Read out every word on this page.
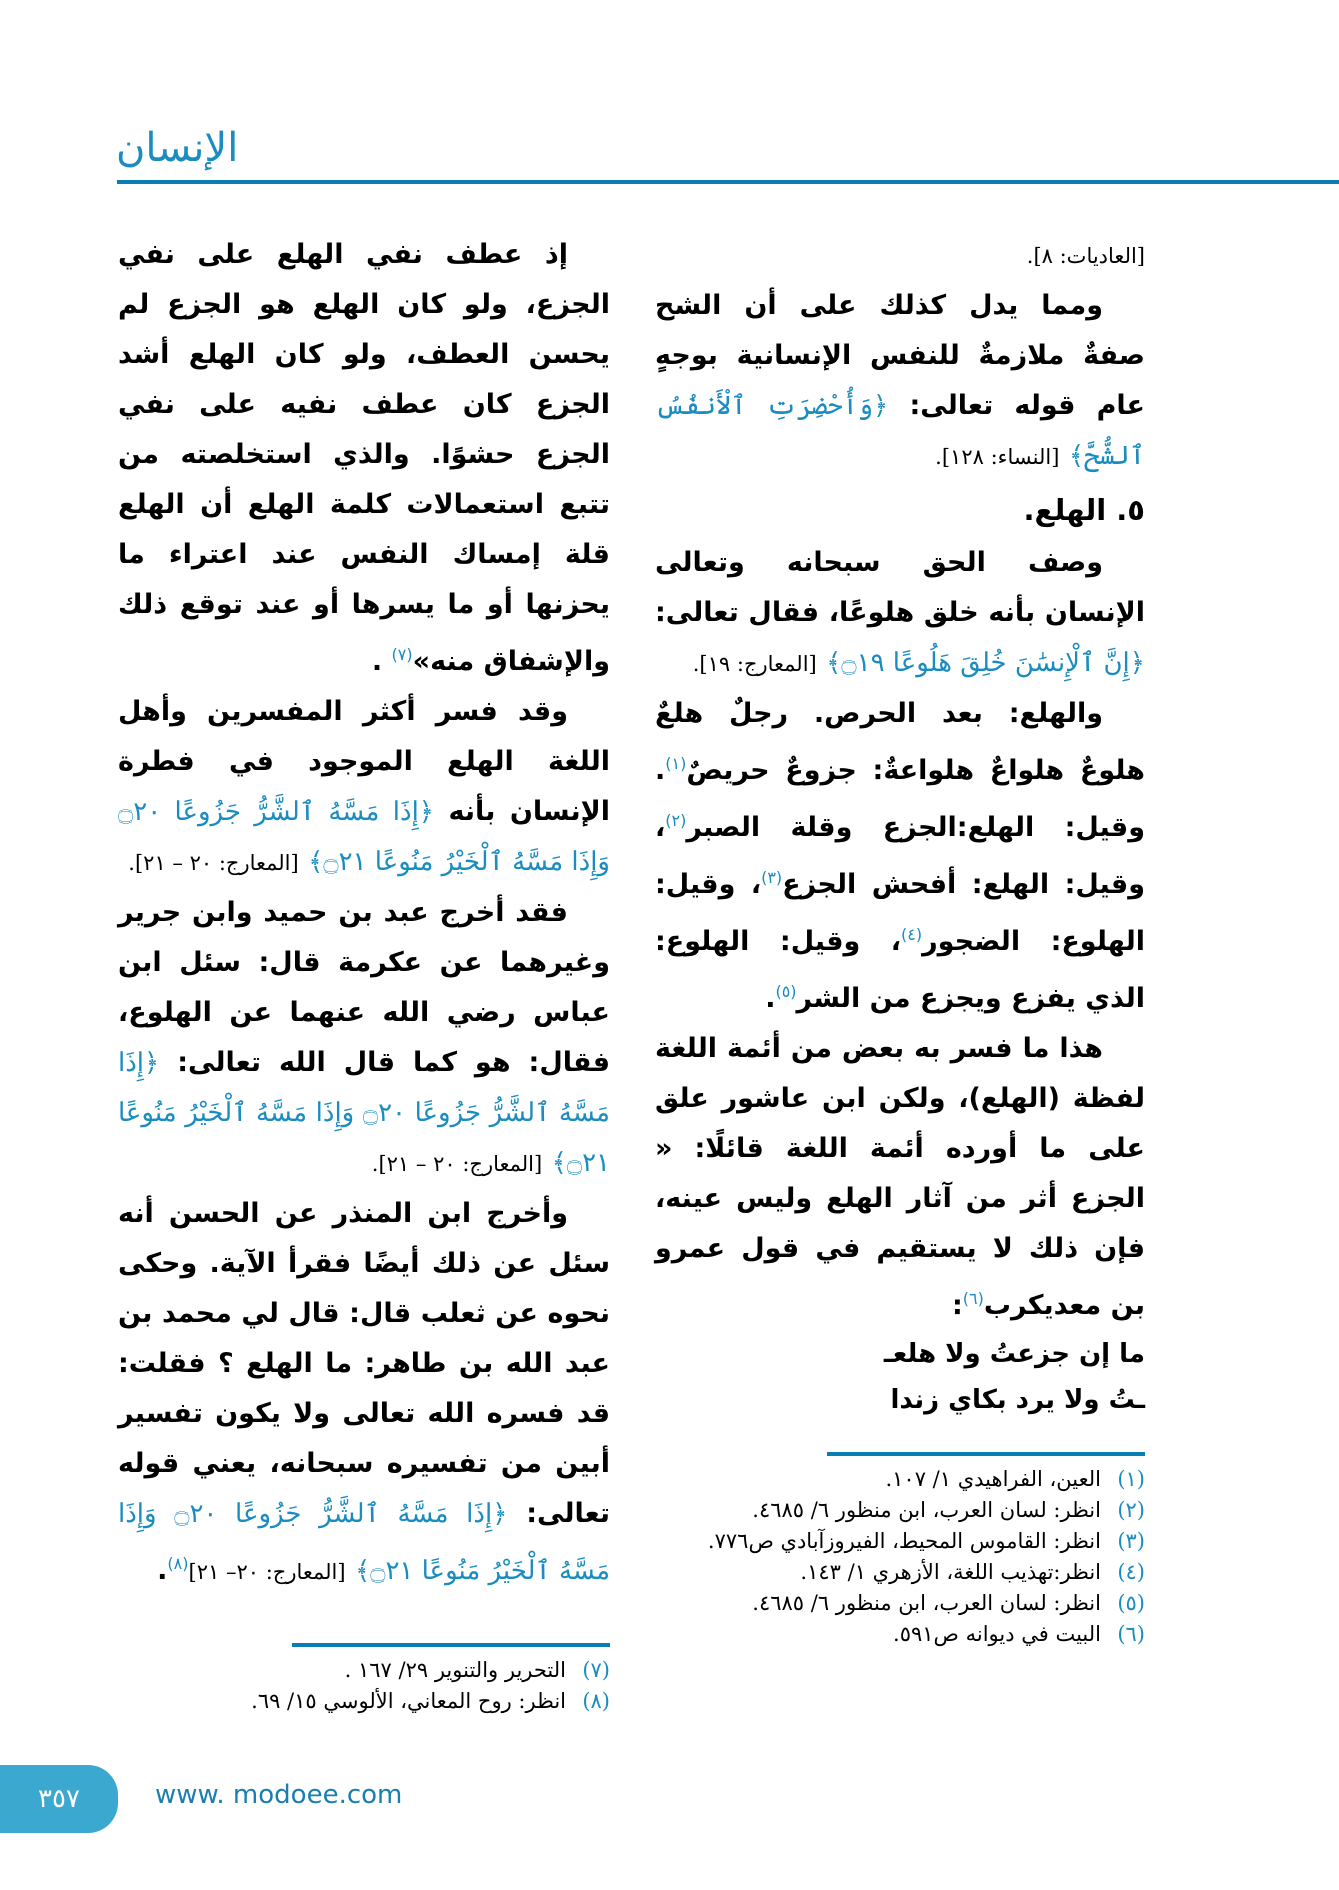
الإنسان

[العاديات: ٨].

ومما يدل كذلك على أن الشح صفةٌ ملازمةٌ للنفس الإنسانية بوجهٍ عام قوله تعالى: ﴿وَأُحْضِرَتِ ٱلْأَنفُسُ ٱلشُّحَّ﴾ [النساء: ١٢٨].

٥. الهلع.

وصف الحق سبحانه وتعالى الإنسان بأنه خلق هلوعًا، فقال تعالى: ﴿إِنَّ ٱلْإِنسَٰنَ خُلِقَ هَلُوعًا ۝١٩﴾ [المعارج: ١٩].

والهلع: بعد الحرص. رجلٌ هلعٌ هلوعٌ هلواعٌ هلواعةٌ: جزوعٌ حريصٌ$^{(١)}$. وقيل: الهلع:الجزع وقلة الصبر$^{(٢)}$، وقيل: الهلع: أفحش الجزع$^{(٣)}$، وقيل: الهلوع: الضجور$^{(٤)}$، وقيل: الهلوع: الذي يفزع ويجزع من الشر$^{(٥)}$.

هذا ما فسر به بعض من أئمة اللغة لفظة (الهلع)، ولكن ابن عاشور علق على ما أورده أئمة اللغة قائلًا: « الجزع أثر من آثار الهلع وليس عينه، فإن ذلك لا يستقيم في قول عمرو بن معديكرب$^{(٦)}$:

ما إن جزعتُ ولا هلعـ

ـتُ ولا يرد بكاي زندا

(١)
العين، الفراهيدي ١/ ١٠٧.
(٢)
انظر: لسان العرب، ابن منظور ٦/ ٤٦٨٥.
(٣)
انظر: القاموس المحيط، الفيروزآبادي ص٧٧٦.
(٤)
انظر:تهذيب اللغة، الأزهري ١/ ١٤٣.
(٥)
انظر: لسان العرب، ابن منظور ٦/ ٤٦٨٥.
(٦)
البيت في ديوانه ص٥٩١.

إذ عطف نفي الهلع على نفي الجزع، ولو كان الهلع هو الجزع لم يحسن العطف، ولو كان الهلع أشد الجزع كان عطف نفيه على نفي الجزع حشوًا. والذي استخلصته من تتبع استعمالات كلمة الهلع أن الهلع قلة إمساك النفس عند اعتراء ما يحزنها أو ما يسرها أو عند توقع ذلك والإشفاق منه»$^{(٧)}$ .

وقد فسر أكثر المفسرين وأهل اللغة الهلع الموجود في فطرة الإنسان بأنه ﴿إِذَا مَسَّهُ ٱلشَّرُّ جَزُوعًا ۝٢٠ وَإِذَا مَسَّهُ ٱلْخَيْرُ مَنُوعًا ۝٢١﴾ [المعارج: ٢٠ – ٢١].

فقد أخرج عبد بن حميد وابن جرير وغيرهما عن عكرمة قال: سئل ابن عباس رضي الله عنهما عن الهلوع، فقال: هو كما قال الله تعالى: ﴿إِذَا مَسَّهُ ٱلشَّرُّ جَزُوعًا ۝٢٠ وَإِذَا مَسَّهُ ٱلْخَيْرُ مَنُوعًا ۝٢١﴾ [المعارج: ٢٠ – ٢١].

وأخرج ابن المنذر عن الحسن أنه سئل عن ذلك أيضًا فقرأ الآية. وحكى نحوه عن ثعلب قال: قال لي محمد بن عبد الله بن طاهر: ما الهلع ؟ فقلت: قد فسره الله تعالى ولا يكون تفسير أبين من تفسيره سبحانه، يعني قوله تعالى: ﴿إِذَا مَسَّهُ ٱلشَّرُّ جَزُوعًا ۝٢٠ وَإِذَا مَسَّهُ ٱلْخَيْرُ مَنُوعًا ۝٢١﴾ [المعارج: ٢٠– ٢١]$^{(٨)}$.

(٧)
التحرير والتنوير ٢٩/ ١٦٧ .
(٨)
انظر: روح المعاني، الألوسي ١٥/ ٦٩.
٣٥٧	www. modoee.com
